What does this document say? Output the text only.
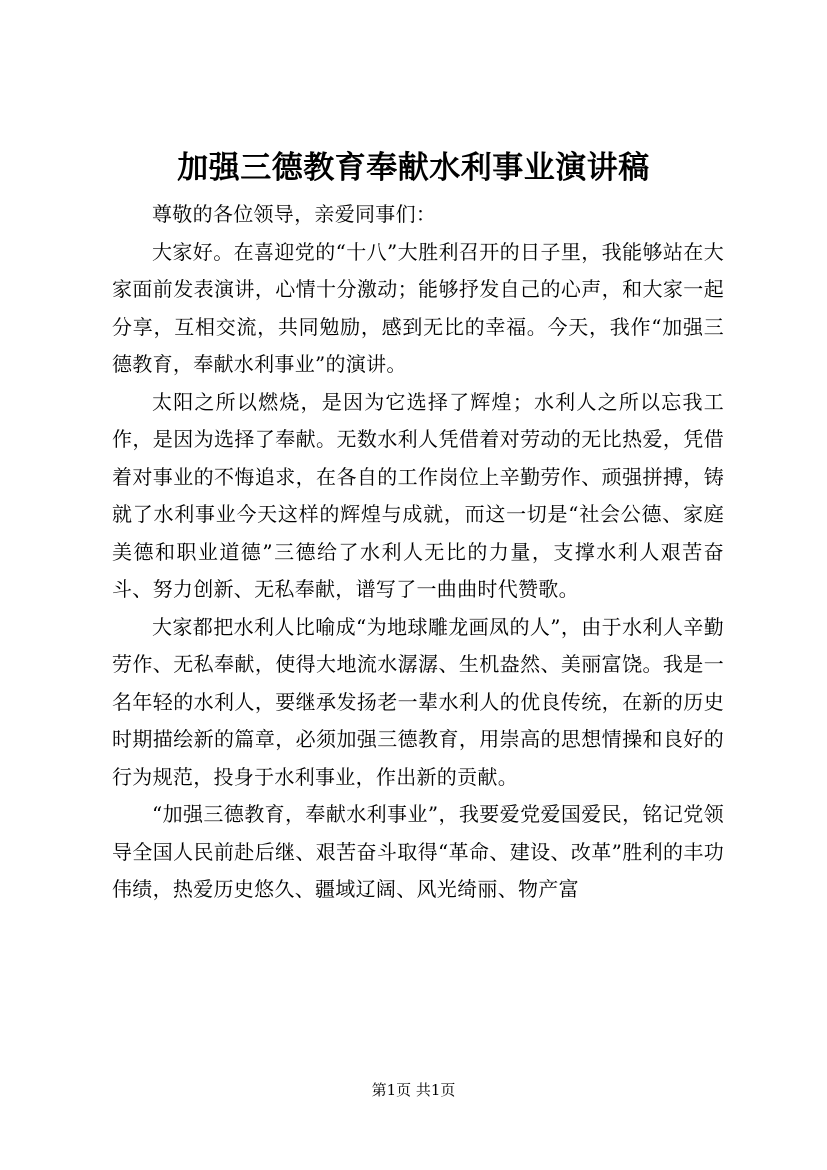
加强三德教育奉献水利事业演讲稿

尊敬的各位领导，亲爱同事们：

大家好。在喜迎党的“十八”大胜利召开的日子里，我能够站在大家面前发表演讲，心情十分激动；能够抒发自己的心声，和大家一起分享，互相交流，共同勉励，感到无比的幸福。今天，我作“加强三德教育，奉献水利事业”的演讲。

太阳之所以燃烧，是因为它选择了辉煌；水利人之所以忘我工作，是因为选择了奉献。无数水利人凭借着对劳动的无比热爱，凭借着对事业的不悔追求，在各自的工作岗位上辛勤劳作、顽强拼搏，铸就了水利事业今天这样的辉煌与成就，而这一切是“社会公德、家庭美德和职业道德”三德给了水利人无比的力量，支撑水利人艰苦奋斗、努力创新、无私奉献，谱写了一曲曲时代赞歌。

大家都把水利人比喻成“为地球雕龙画凤的人”，由于水利人辛勤劳作、无私奉献，使得大地流水潺潺、生机盎然、美丽富饶。我是一名年轻的水利人，要继承发扬老一辈水利人的优良传统，在新的历史时期描绘新的篇章，必须加强三德教育，用崇高的思想情操和良好的行为规范，投身于水利事业，作出新的贡献。

“加强三德教育，奉献水利事业”，我要爱党爱国爱民，铭记党领导全国人民前赴后继、艰苦奋斗取得“革命、建设、改革”胜利的丰功伟绩，热爱历史悠久、疆域辽阔、风光绮丽、物产富

第1页 共1页
